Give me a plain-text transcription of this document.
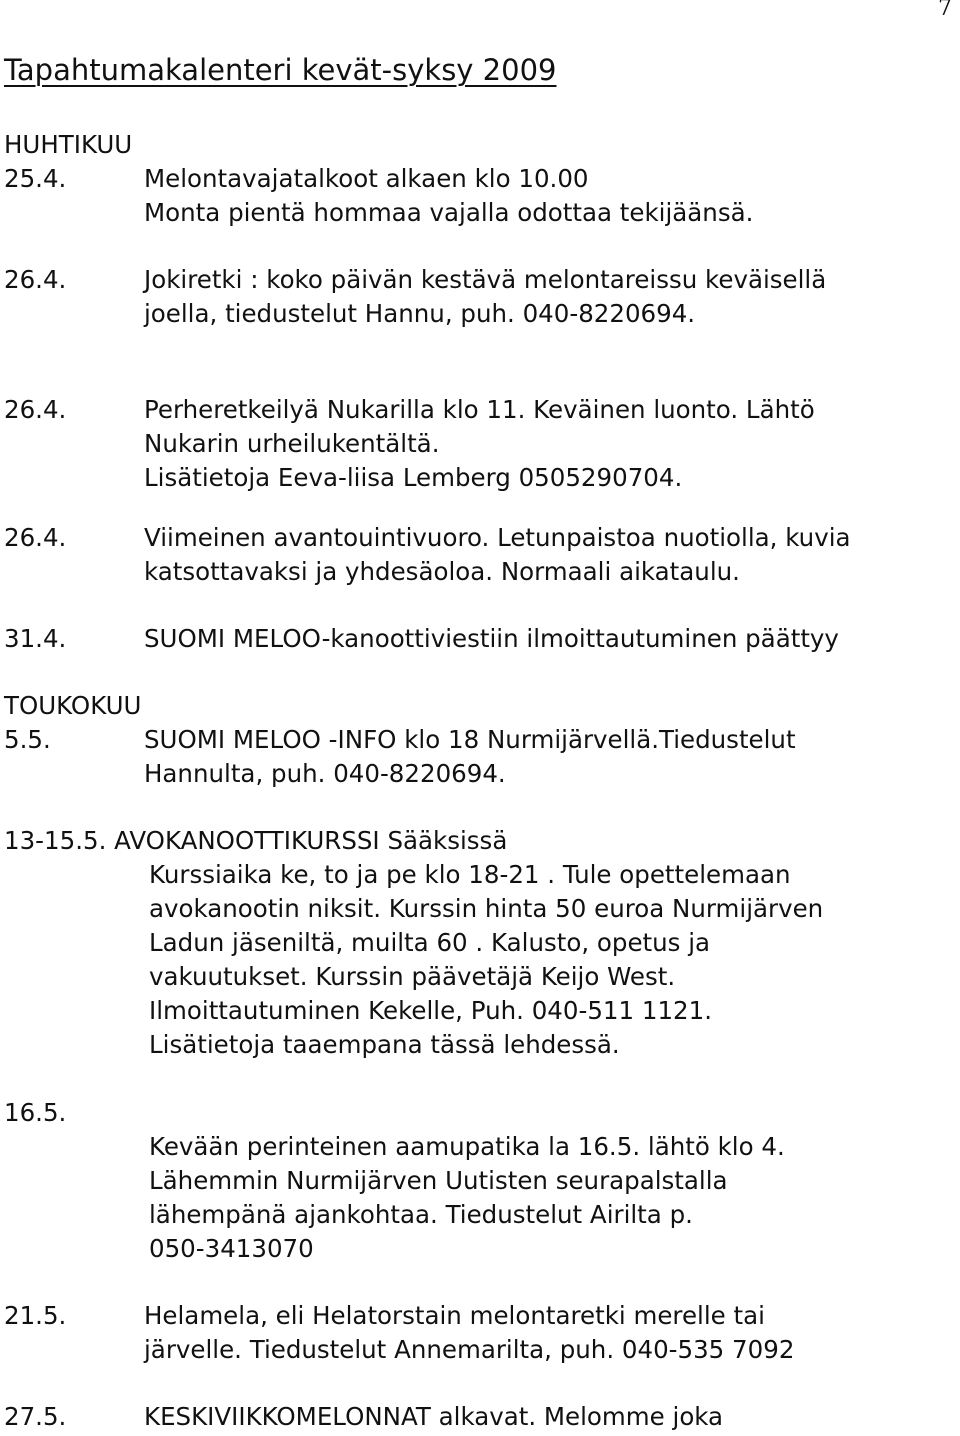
7
Tapahtumakalenteri kevät-syksy 2009
HUHTIKUU
25.4.	Melontavajatalkoot alkaen klo 10.00
Monta pientä hommaa vajalla odottaa tekijäänsä.
26.4.	Jokiretki : koko päivän kestävä melontareissu keväisellä
joella, tiedustelut Hannu, puh. 040-8220694.
26.4.	Perheretkeilyä Nukarilla klo 11. Keväinen luonto. Lähtö
Nukarin urheilukentältä.
Lisätietoja Eeva-liisa Lemberg 0505290704.
26.4.	Viimeinen avantouintivuoro. Letunpaistoa nuotiolla, kuvia
katsottavaksi ja yhdesäoloa. Normaali aikataulu.
31.4.	SUOMI MELOO-kanoottiviestiin ilmoittautuminen päättyy
TOUKOKUU
5.5.	SUOMI MELOO -INFO klo 18 Nurmijärvellä.Tiedustelut
Hannulta, puh. 040-8220694.
13-15.5. AVOKANOOTTIKURSSI Sääksissä
Kurssiaika ke, to ja pe klo 18-21 . Tule opettelemaan
avokanootin niksit. Kurssin hinta 50 euroa Nurmijärven
Ladun jäseniltä, muilta 60 . Kalusto, opetus ja
vakuutukset. Kurssin päävetäjä Keijo West.
Ilmoittautuminen Kekelle, Puh. 040-511 1121.
Lisätietoja taaempana tässä lehdessä.
16.5.
Kevään perinteinen aamupatika la 16.5. lähtö klo 4.
Lähemmin Nurmijärven Uutisten seurapalstalla
lähempänä ajankohtaa. Tiedustelut Airilta p.
050-3413070
21.5.	Helamela, eli Helatorstain melontaretki merelle tai
järvelle. Tiedustelut Annemarilta, puh. 040-535 7092
27.5.	KESKIVIIKKOMELONNAT alkavat. Melomme joka
